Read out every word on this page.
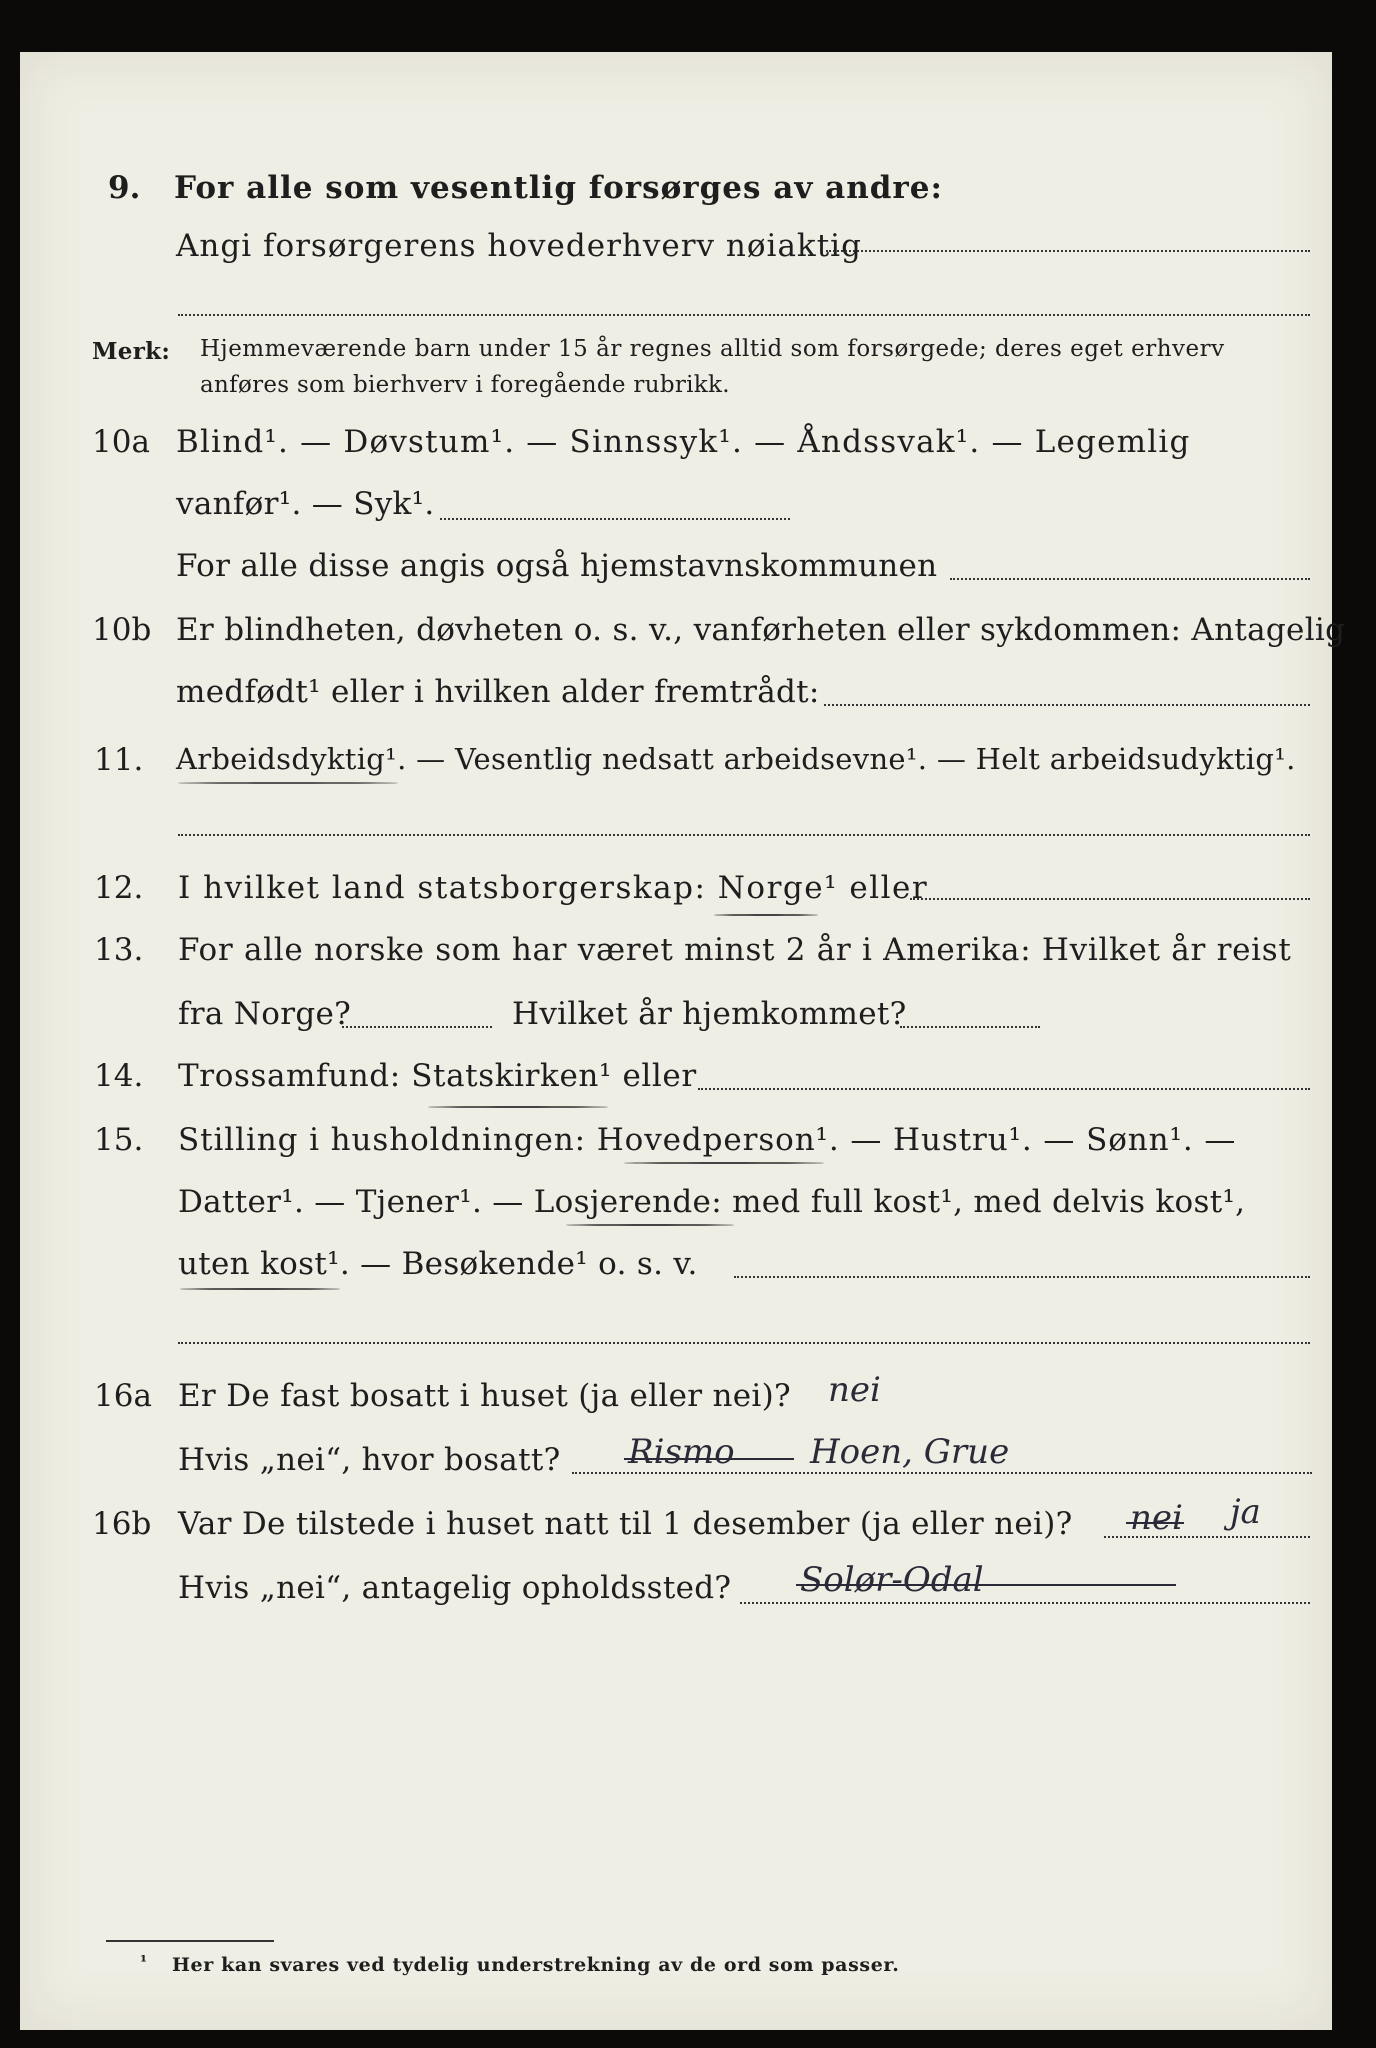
9. For alle som vesentlig forsørges av andre:
Angi forsørgerens hovederhverv nøiaktig
Merk: Hjemmeværende barn under 15 år regnes alltid som forsørgede; deres eget erhverv
anføres som bierhverv i foregående rubrikk.
10a Blind¹. — Døvstum¹. — Sinnssyk¹. — Åndssvak¹. — Legemlig
vanfør¹. — Syk¹.
For alle disse angis også hjemstavnskommunen
10b Er blindheten, døvheten o. s. v., vanførheten eller sykdommen: Antagelig
medfødt¹ eller i hvilken alder fremtrådt:
11. Arbeidsdyktig¹. — Vesentlig nedsatt arbeidsevne¹. — Helt arbeidsudyktig¹.
12. I hvilket land statsborgerskap: Norge¹ eller
13. For alle norske som har været minst 2 år i Amerika: Hvilket år reist
fra Norge?	Hvilket år hjemkommet?
14. Trossamfund: Statskirken¹ eller
15. Stilling i husholdningen: Hovedperson¹. — Hustru¹. — Sønn¹. —
Datter¹. — Tjener¹. — Losjerende: med full kost¹, med delvis kost¹,
uten kost¹. — Besøkende¹ o. s. v.
16a Er De fast bosatt i huset (ja eller nei)? nei
Hvis „nei“, hvor bosatt? Rismo Hoen, Grue
16b Var De tilstede i huset natt til 1 desember (ja eller nei)? nei ja
Hvis „nei“, antagelig opholdssted? Solør-Odal
¹ Her kan svares ved tydelig understrekning av de ord som passer.
